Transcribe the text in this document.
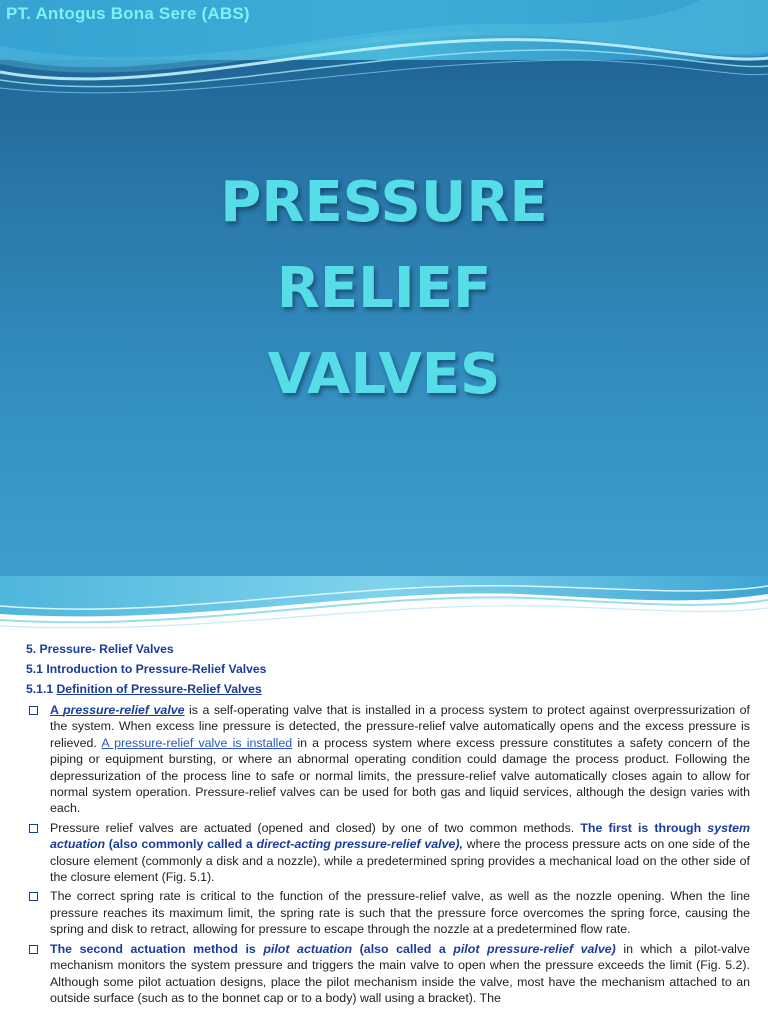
PT. Antogus Bona Sere (ABS)
PRESSURE
RELIEF
VALVES
5. Pressure- Relief Valves
5.1 Introduction to Pressure-Relief Valves
5.1.1 Definition of Pressure-Relief Valves
A pressure-relief valve is a self-operating valve that is installed in a process system to protect against overpressurization of the system. When excess line pressure is detected, the pressure-relief valve automatically opens and the excess pressure is relieved. A pressure-relief valve is installed in a process system where excess pressure constitutes a safety concern of the piping or equipment bursting, or where an abnormal operating condition could damage the process product. Following the depressurization of the process line to safe or normal limits, the pressure-relief valve automatically closes again to allow for normal system operation. Pressure-relief valves can be used for both gas and liquid services, although the design varies with each.
Pressure relief valves are actuated (opened and closed) by one of two common methods. The first is through system actuation (also commonly called a direct-acting pressure-relief valve), where the process pressure acts on one side of the closure element (commonly a disk and a nozzle), while a predetermined spring provides a mechanical load on the other side of the closure element (Fig. 5.1).
The correct spring rate is critical to the function of the pressure-relief valve, as well as the nozzle opening. When the line pressure reaches its maximum limit, the spring rate is such that the pressure force overcomes the spring force, causing the spring and disk to retract, allowing for pressure to escape through the nozzle at a predetermined flow rate.
The second actuation method is pilot actuation (also called a pilot pressure-relief valve) in which a pilot-valve mechanism monitors the system pressure and triggers the main valve to open when the pressure exceeds the limit (Fig. 5.2). Although some pilot actuation designs, place the pilot mechanism inside the valve, most have the mechanism attached to an outside surface (such as to the bonnet cap or to a body) wall using a bracket). The
